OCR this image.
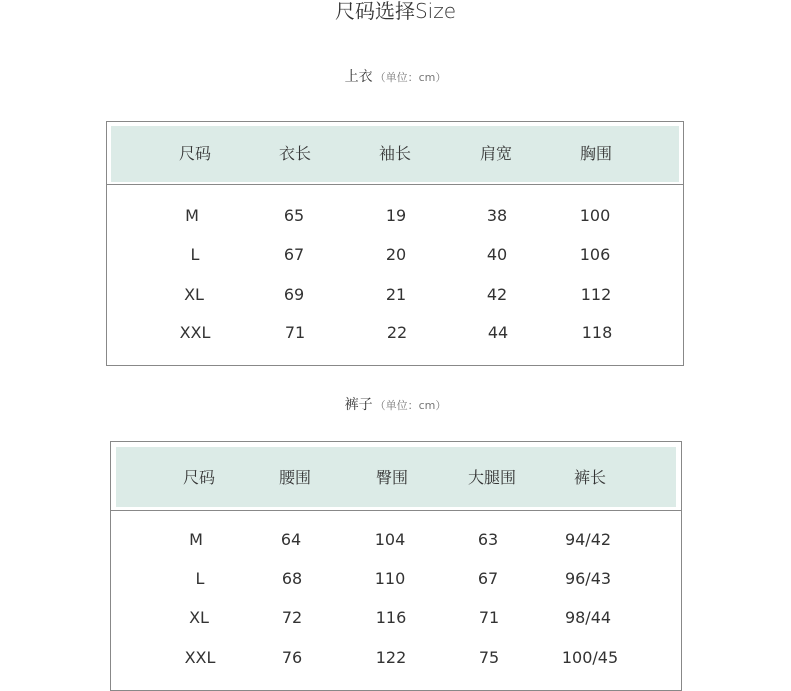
尺码选择Size
上衣 （单位：cm）
尺码	衣长	袖长	肩宽	胸围
M	65	19	38	100
L	67	20	40	106
XL	69	21	42	112
XXL	71	22	44	118
裤子 （单位：cm）
尺码	腰围	臀围	大腿围	裤长
M	64	104	63	94/42
L	68	110	67	96/43
XL	72	116	71	98/44
XXL	76	122	75	100/45
